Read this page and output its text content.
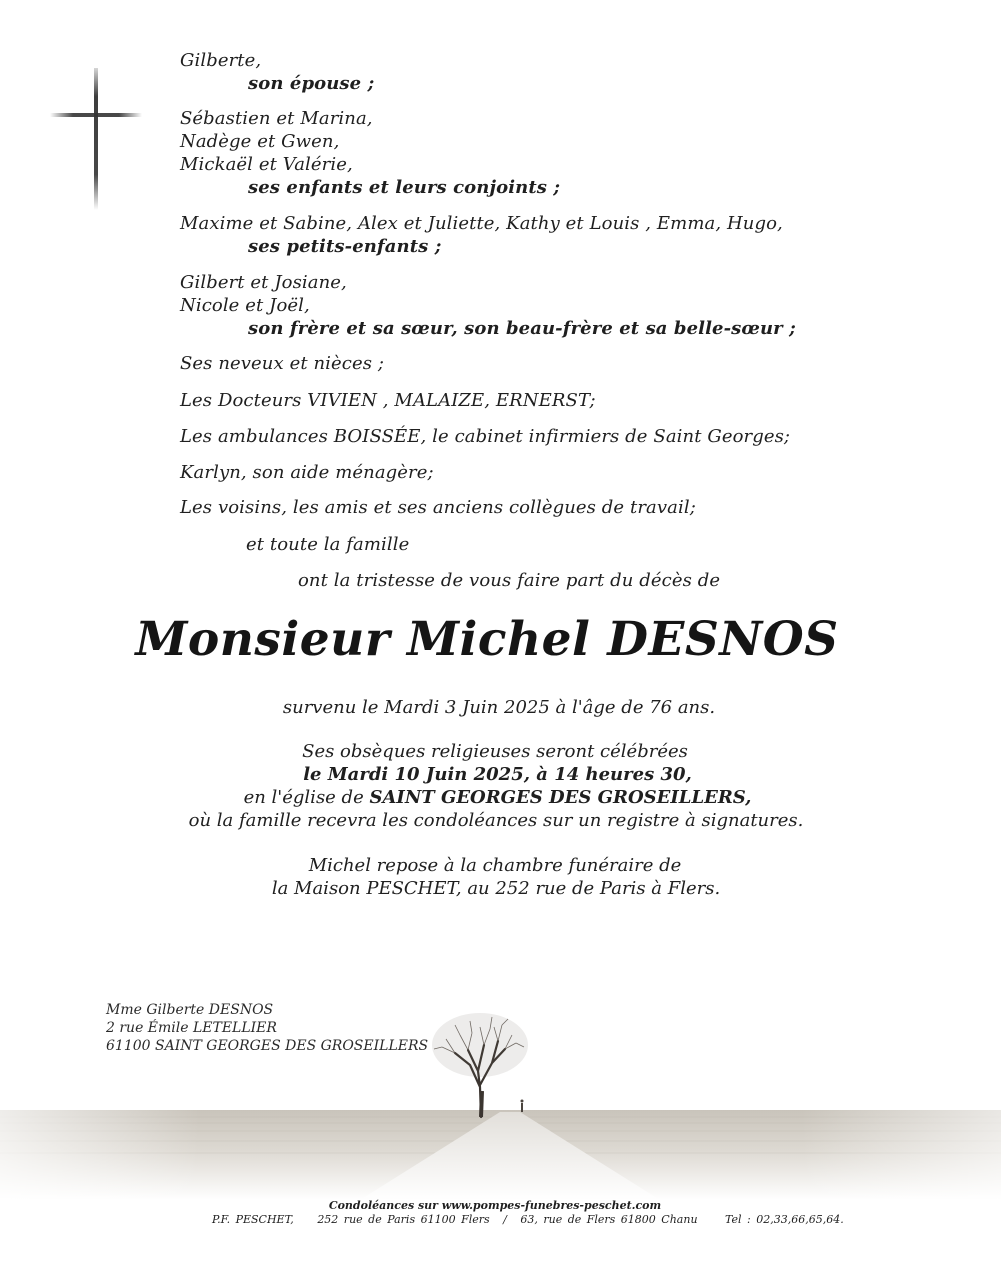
Gilberte,
son épouse ;
Sébastien et Marina,
Nadège et Gwen,
Mickaël et Valérie,
ses enfants et leurs conjoints ;
Maxime et Sabine, Alex et Juliette, Kathy et Louis , Emma, Hugo,
ses petits-enfants ;
Gilbert et Josiane,
Nicole et Joël,
son frère et sa sœur, son beau-frère et sa belle-sœur ;
Ses neveux et nièces ;
Les Docteurs VIVIEN , MALAIZE, ERNERST;
Les ambulances BOISSÉE, le cabinet infirmiers de Saint Georges;
Karlyn, son aide ménagère;
Les voisins, les amis et ses anciens collègues de travail;
et toute la famille
ont la tristesse de vous faire part du décès de
Monsieur Michel DESNOS
survenu le Mardi 3 Juin 2025 à l'âge de 76 ans.
Ses obsèques religieuses seront célébrées
le Mardi 10 Juin 2025, à 14 heures 30,
en l'église de SAINT GEORGES DES GROSEILLERS,
où la famille recevra les condoléances sur un registre à signatures.
Michel repose à la chambre funéraire de
la Maison PESCHET, au 252 rue de Paris à Flers.
Mme Gilberte DESNOS
2 rue Émile LETELLIER
61100 SAINT GEORGES DES GROSEILLERS
Condoléances sur www.pompes-funebres-peschet.com
P.F. PESCHET, 252 rue de Paris 61100 Flers / 63, rue de Flers 61800 Chanu	Tel : 02,33,66,65,64.
